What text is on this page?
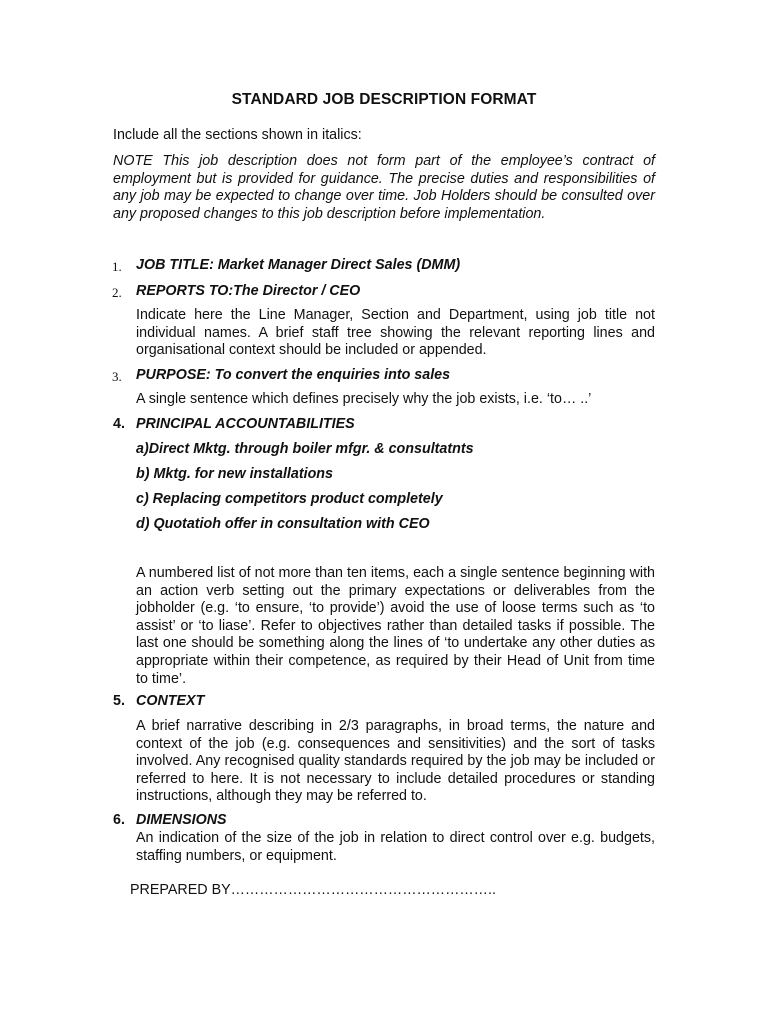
STANDARD JOB DESCRIPTION FORMAT
Include all the sections shown in italics:
NOTE This job description does not form part of the employee’s contract of employment but is provided for guidance. The precise duties and responsibilities of any job may be expected to change over time. Job Holders should be consulted over any proposed changes to this job description before implementation.
1. JOB TITLE: Market Manager Direct Sales (DMM)
2. REPORTS TO:The Director / CEO
Indicate here the Line Manager, Section and Department, using job title not individual names. A brief staff tree showing the relevant reporting lines and organisational context should be included or appended.
3. PURPOSE: To convert the enquiries into sales
A single sentence which defines precisely why the job exists, i.e. ‘to… ..’
4. PRINCIPAL ACCOUNTABILITIES
a)Direct Mktg. through boiler mfgr. & consultatnts
b) Mktg. for new installations
c) Replacing competitors product completely
d) Quotatioh offer in consultation with CEO
A numbered list of not more than ten items, each a single sentence beginning with an action verb setting out the primary expectations or deliverables from the jobholder (e.g. ‘to ensure, ‘to provide’) avoid the use of loose terms such as ‘to assist’ or ‘to liase’. Refer to objectives rather than detailed tasks if possible. The last one should be something along the lines of ‘to undertake any other duties as appropriate within their competence, as required by their Head of Unit from time to time’.
5. CONTEXT
A brief narrative describing in 2/3 paragraphs, in broad terms, the nature and context of the job (e.g. consequences and sensitivities) and the sort of tasks involved. Any recognised quality standards required by the job may be included or referred to here. It is not necessary to include detailed procedures or standing instructions, although they may be referred to.
6. DIMENSIONS
An indication of the size of the job in relation to direct control over e.g. budgets, staffing numbers, or equipment.
PREPARED BY………………………………………………..
